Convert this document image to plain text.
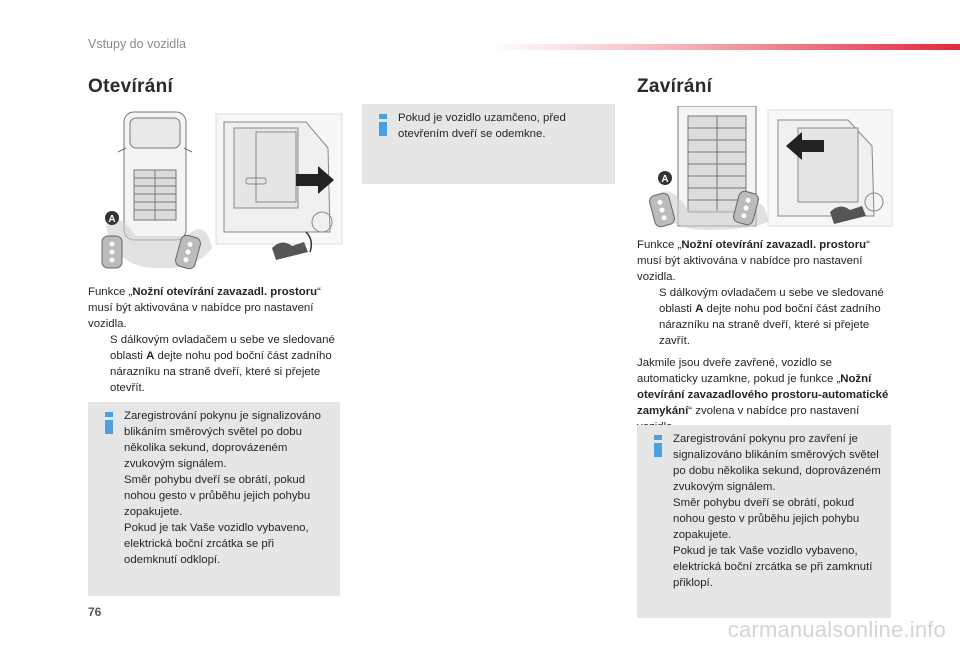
Vstupy do vozidla
Otevírání
A

Funkce „Nožní otevírání zavazadl. prostoru“ musí být aktivována v nabídce pro nastavení vozidla.

S dálkovým ovladačem u sebe ve sledované oblasti A dejte nohu pod boční část zadního nárazníku na straně dveří, které si přejete otevřít.

Zaregistrování pokynu je signalizováno blikáním směrových světel po dobu několika sekund, doprovázeném zvukovým signálem.
Směr pohybu dveří se obrátí, pokud nohou gesto v průběhu jejich pohybu zopakujete.
Pokud je tak Vaše vozidlo vybaveno, elektrická boční zrcátka se při odemknutí odklopí.
Pokud je vozidlo uzamčeno, před otevřením dveří se odemkne.
Zavírání
A

Funkce „Nožní otevírání zavazadl. prostoru“ musí být aktivována v nabídce pro nastavení vozidla.

S dálkovým ovladačem u sebe ve sledované oblasti A dejte nohu pod boční část zadního nárazníku na straně dveří, které si přejete zavřít.

Jakmile jsou dveře zavřené, vozidlo se automaticky uzamkne, pokud je funkce „Nožní otevírání zavazadlového prostoru-automatické zamykání“ zvolena v nabídce pro nastavení

Zaregistrování pokynu pro zavření je signalizováno blikáním směrových světel po dobu několika sekund, doprovázeném zvukovým signálem.
Směr pohybu dveří se obrátí, pokud nohou gesto v průběhu jejich pohybu zopakujete.
Pokud je tak Vaše vozidlo vybaveno, elektrická boční zrcátka se při zamknutí přiklopí.
76
carmanualsonline.info
